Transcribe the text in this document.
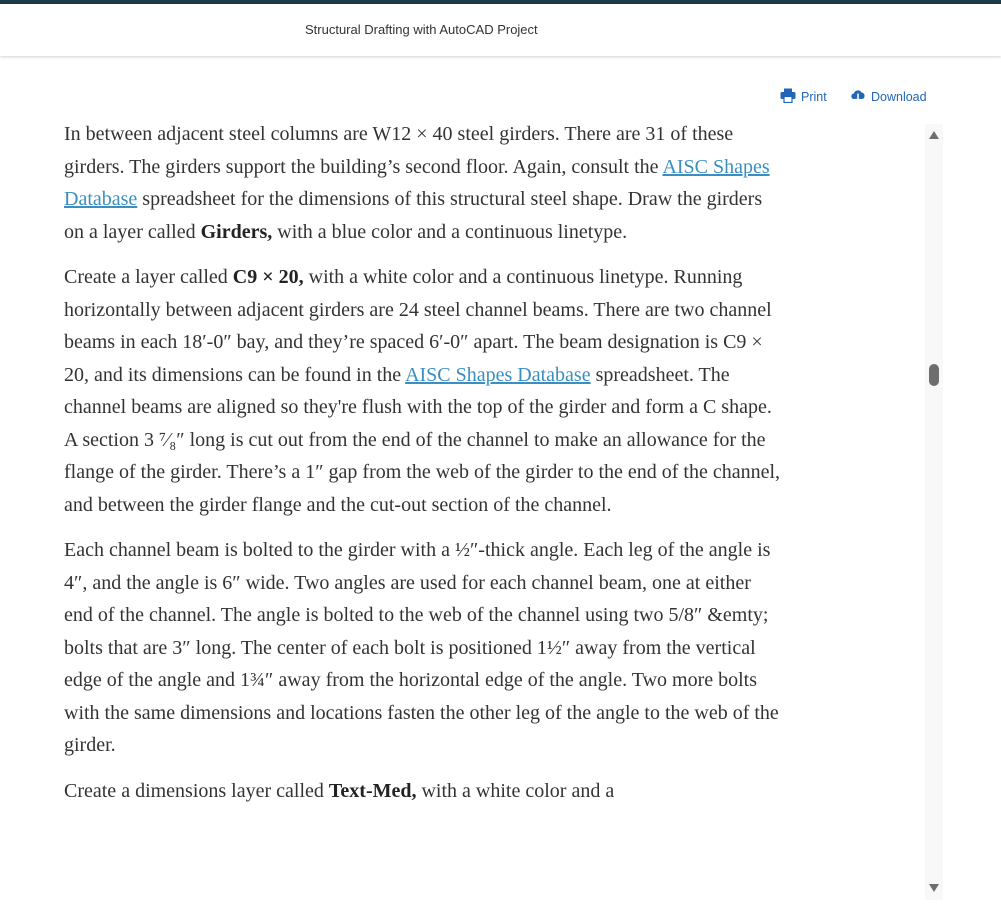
Structural Drafting with AutoCAD Project
Print	Download

In between adjacent steel columns are W12 × 40 steel girders. There are 31 of these girders. The girders support the building’s second floor. Again, consult the AISC Shapes Database spreadsheet for the dimensions of this structural steel shape. Draw the girders on a layer called Girders, with a blue color and a continuous linetype.

Create a layer called C9 × 20, with a white color and a continuous linetype. Running horizontally between adjacent girders are 24 steel channel beams. There are two channel beams in each 18′-0″ bay, and they’re spaced 6′-0″ apart. The beam designation is C9 × 20, and its dimensions can be found in the AISC Shapes Database spreadsheet. The channel beams are aligned so they're flush with the top of the girder and form a C shape. A section 3 ⁷⁄₈″ long is cut out from the end of the channel to make an allowance for the flange of the girder. There’s a 1″ gap from the web of the girder to the end of the channel, and between the girder flange and the cut-out section of the channel.

Each channel beam is bolted to the girder with a ½″-thick angle. Each leg of the angle is 4″, and the angle is 6″ wide. Two angles are used for each channel beam, one at either end of the channel. The angle is bolted to the web of the channel using two 5/8″ &emty; bolts that are 3″ long. The center of each bolt is positioned 1½″ away from the vertical edge of the angle and 1¾″ away from the horizontal edge of the angle. Two more bolts with the same dimensions and locations fasten the other leg of the angle to the web of the girder.

Create a dimensions layer called Text-Med, with a white color and a
